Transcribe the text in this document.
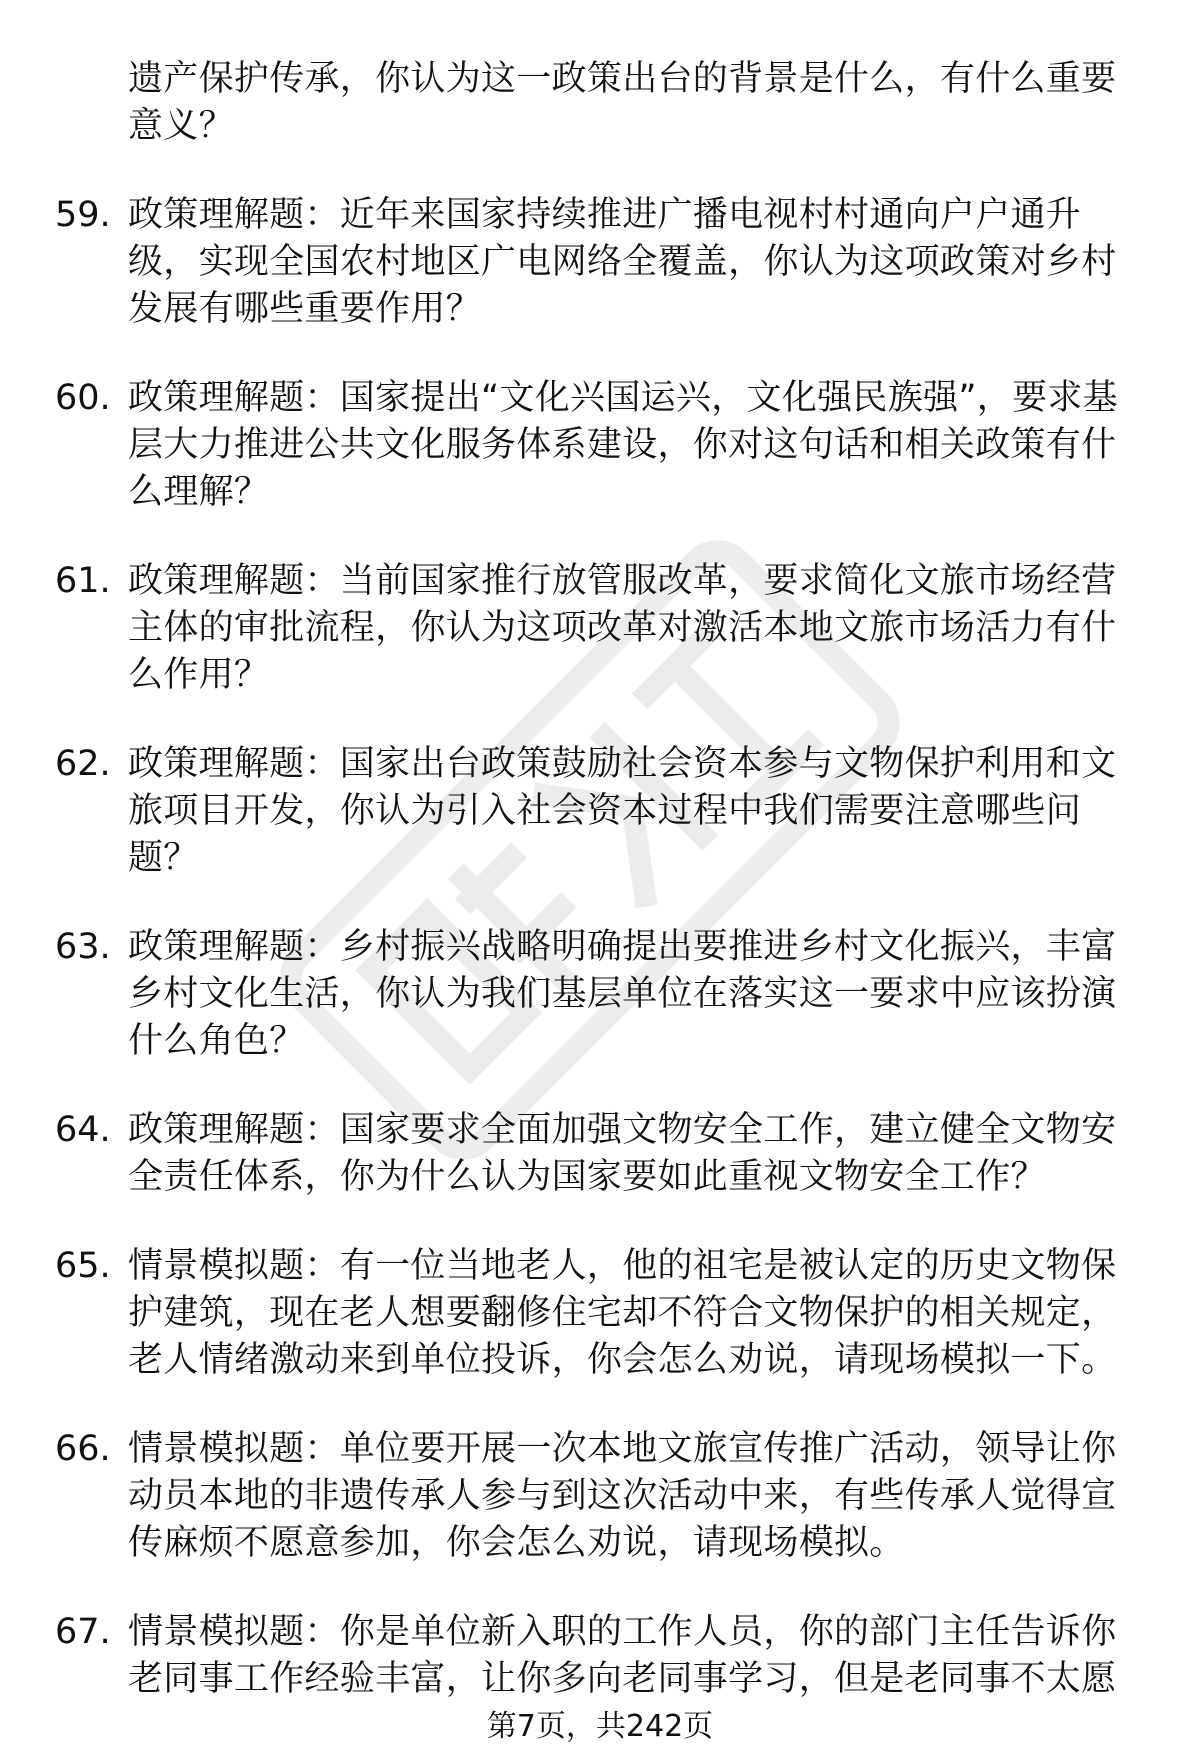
遗产保护传承，你认为这一政策出台的背景是什么，有什么重要意义？
59. 政策理解题：近年来国家持续推进广播电视村村通向户户通升级，实现全国农村地区广电网络全覆盖，你认为这项政策对乡村发展有哪些重要作用？
60. 政策理解题：国家提出“文化兴国运兴，文化强民族强”，要求基层大力推进公共文化服务体系建设，你对这句话和相关政策有什么理解？
61. 政策理解题：当前国家推行放管服改革，要求简化文旅市场经营主体的审批流程，你认为这项改革对激活本地文旅市场活力有什么作用？
62. 政策理解题：国家出台政策鼓励社会资本参与文物保护利用和文旅项目开发，你认为引入社会资本过程中我们需要注意哪些问题？
63. 政策理解题：乡村振兴战略明确提出要推进乡村文化振兴，丰富乡村文化生活，你认为我们基层单位在落实这一要求中应该扮演什么角色？
64. 政策理解题：国家要求全面加强文物安全工作，建立健全文物安全责任体系，你为什么认为国家要如此重视文物安全工作？
65. 情景模拟题：有一位当地老人，他的祖宅是被认定的历史文物保护建筑，现在老人想要翻修住宅却不符合文物保护的相关规定，老人情绪激动来到单位投诉，你会怎么劝说，请现场模拟一下。
66. 情景模拟题：单位要开展一次本地文旅宣传推广活动，领导让你动员本地的非遗传承人参与到这次活动中来，有些传承人觉得宣传麻烦不愿意参加，你会怎么劝说，请现场模拟。
67. 情景模拟题：你是单位新入职的工作人员，你的部门主任告诉你老同事工作经验丰富，让你多向老同事学习，但是老同事不太愿
第7页，共242页
